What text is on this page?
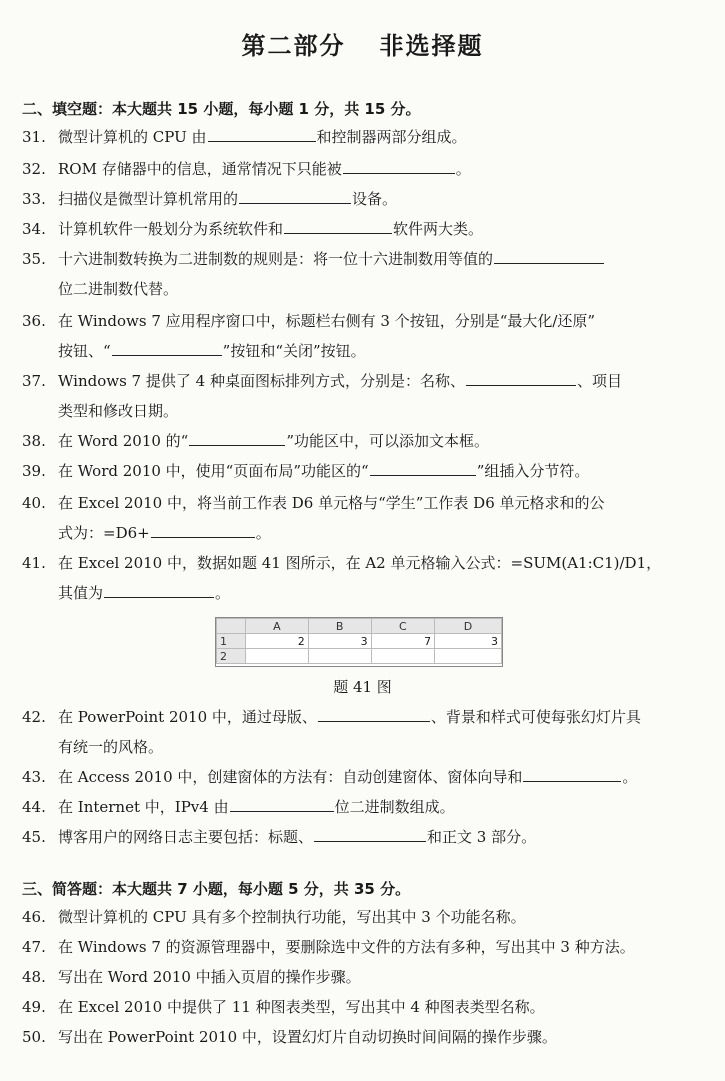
第二部分 非选择题
二、填空题：本大题共 15 小题，每小题 1 分，共 15 分。
31. 微型计算机的 CPU 由	和控制器两部分组成。
32. ROM 存储器中的信息，通常情况下只能被	。
33. 扫描仪是微型计算机常用的	设备。
34. 计算机软件一般划分为系统软件和	软件两大类。
35. 十六进制数转换为二进制数的规则是：将一位十六进制数用等值的
位二进制数代替。
36. 在 Windows 7 应用程序窗口中，标题栏右侧有 3 个按钮，分别是“最大化/还原”
按钮、“	”按钮和“关闭”按钮。
37. Windows 7 提供了 4 种桌面图标排列方式，分别是：名称、	、项目
类型和修改日期。
38. 在 Word 2010 的“	”功能区中，可以添加文本框。
39. 在 Word 2010 中，使用“页面布局”功能区的“	”组插入分节符。
40. 在 Excel 2010 中，将当前工作表 D6 单元格与“学生”工作表 D6 单元格求和的公
式为：=D6+	。
41. 在 Excel 2010 中，数据如题 41 图所示，在 A2 单元格输入公式：=SUM(A1:C1)/D1，
其值为	。
	A	B	C	D
1	2	3	7	3
2				
题 41 图
42. 在 PowerPoint 2010 中，通过母版、	、背景和样式可使每张幻灯片具
有统一的风格。
43. 在 Access 2010 中，创建窗体的方法有：自动创建窗体、窗体向导和	。
44. 在 Internet 中，IPv4 由	位二进制数组成。
45. 博客用户的网络日志主要包括：标题、	和正文 3 部分。
三、简答题：本大题共 7 小题，每小题 5 分，共 35 分。
46. 微型计算机的 CPU 具有多个控制执行功能，写出其中 3 个功能名称。
47. 在 Windows 7 的资源管理器中，要删除选中文件的方法有多种，写出其中 3 种方法。
48. 写出在 Word 2010 中插入页眉的操作步骤。
49. 在 Excel 2010 中提供了 11 种图表类型，写出其中 4 种图表类型名称。
50. 写出在 PowerPoint 2010 中，设置幻灯片自动切换时间间隔的操作步骤。
